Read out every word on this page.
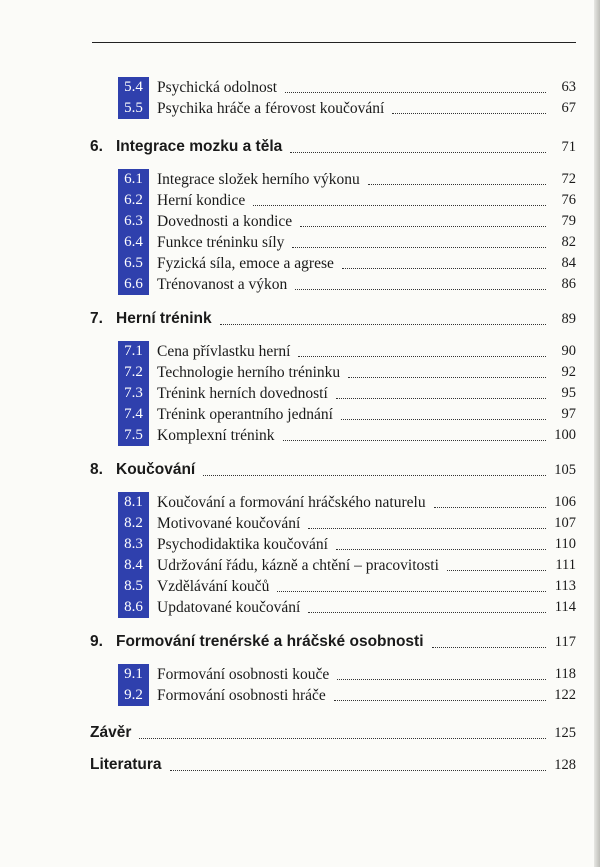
5.4 Psychická odolnost	63
5.5 Psychika hráče a férovost koučování	67
6. Integrace mozku a těla	71
6.1 Integrace složek herního výkonu	72
6.2 Herní kondice	76
6.3 Dovednosti a kondice	79
6.4 Funkce tréninku síly	82
6.5 Fyzická síla, emoce a agrese	84
6.6 Trénovanost a výkon	86
7. Herní trénink	89
7.1 Cena přívlastku herní	90
7.2 Technologie herního tréninku	92
7.3 Trénink herních dovedností	95
7.4 Trénink operantního jednání	97
7.5 Komplexní trénink	100
8. Koučování	105
8.1 Koučování a formování hráčského naturelu	106
8.2 Motivované koučování	107
8.3 Psychodidaktika koučování	110
8.4 Udržování řádu, kázně a chtění – pracovitosti	111
8.5 Vzdělávání koučů	113
8.6 Updatované koučování	114
9. Formování trenérské a hráčské osobnosti	117
9.1 Formování osobnosti kouče	118
9.2 Formování osobnosti hráče	122
Závěr	125
Literatura	128
